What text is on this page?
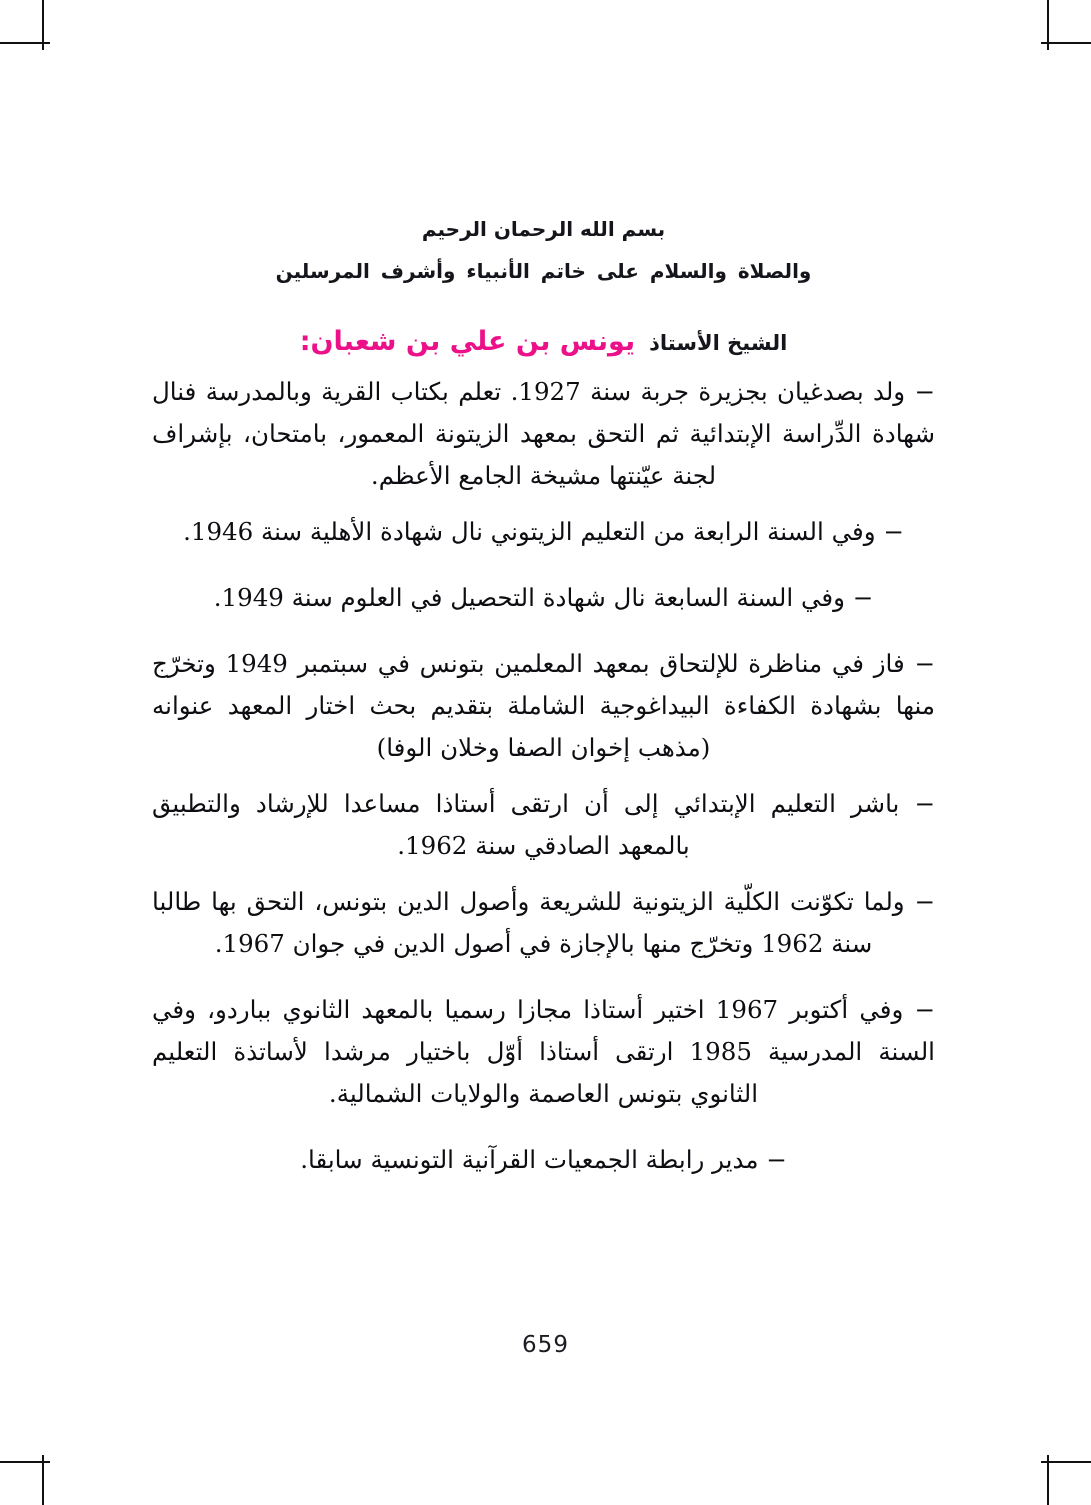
بسم الله الرحمان الرحيم
والصلاة والسلام على خاتم الأنبياء وأشرف المرسلين
الشيخ الأستاذيونس بن علي بن شعبان:

− ولد بصدغيان بجزيرة جربة سنة 1927. تعلم بكتاب القرية وبالمدرسة فنال شهادة الدِّراسة الإبتدائية ثم التحق بمعهد الزيتونة المعمور، بامتحان، بإشراف لجنة عيّنتها مشيخة الجامع الأعظم.

− وفي السنة الرابعة من التعليم الزيتوني نال شهادة الأهلية سنة 1946.

− وفي السنة السابعة نال شهادة التحصيل في العلوم سنة 1949.

− فاز في مناظرة للإلتحاق بمعهد المعلمين بتونس في سبتمبر 1949 وتخرّج منها بشهادة الكفاءة البيداغوجية الشاملة بتقديم بحث اختار المعهد عنوانه (مذهب إخوان الصفا وخلان الوفا)

− باشر التعليم الإبتدائي إلى أن ارتقى أستاذا مساعدا للإرشاد والتطبيق بالمعهد الصادقي سنة 1962.

− ولما تكوّنت الكلّية الزيتونية للشريعة وأصول الدين بتونس، التحق بها طالبا سنة 1962 وتخرّج منها بالإجازة في أصول الدين في جوان 1967.

− وفي أكتوبر 1967 اختير أستاذا مجازا رسميا بالمعهد الثانوي بباردو، وفي السنة المدرسية 1985 ارتقى أستاذا أوّل باختيار مرشدا لأساتذة التعليم الثانوي بتونس العاصمة والولايات الشمالية.

− مدير رابطة الجمعيات القرآنية التونسية سابقا.

659
